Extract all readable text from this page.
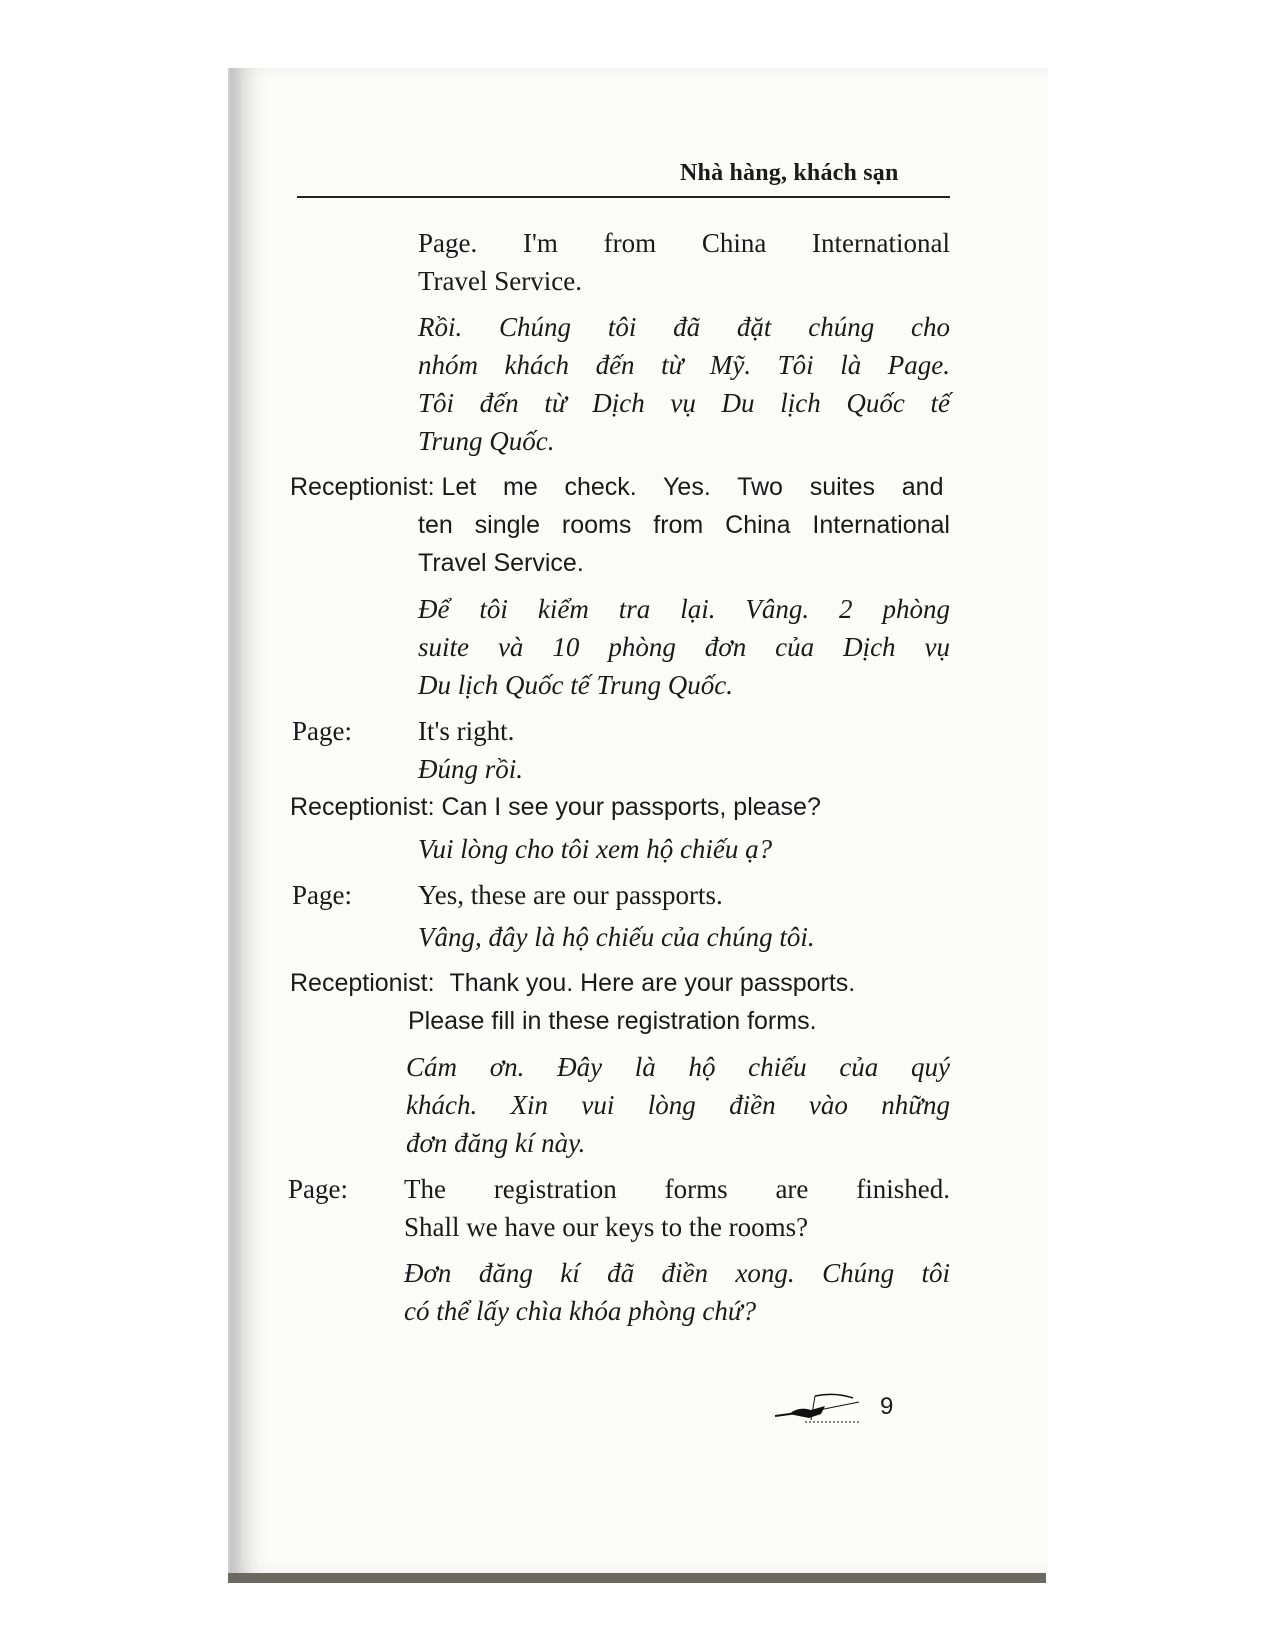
Nhà hàng, khách sạn
Page. I'm from China International
Travel Service.
Rồi. Chúng tôi đã đặt chúng cho
nhóm khách đến từ Mỹ. Tôi là Page.
Tôi đến từ Dịch vụ Du lịch Quốc tế
Trung Quốc.
Receptionist: Let me check. Yes. Two suites and
ten single rooms from China International
Travel Service.
Để tôi kiểm tra lại. Vâng. 2 phòng
suite và 10 phòng đơn của Dịch vụ
Du lịch Quốc tế Trung Quốc.
Page: It's right.
Đúng rồi.
Receptionist: Can I see your passports, please?
Vui lòng cho tôi xem hộ chiếu ạ?
Page: Yes, these are our passports.
Vâng, đây là hộ chiếu của chúng tôi.
Receptionist: Thank you. Here are your passports.
Please fill in these registration forms.
Cám ơn. Đây là hộ chiếu của quý
khách. Xin vui lòng điền vào những
đơn đăng kí này.
Page: The registration forms are finished.
Shall we have our keys to the rooms?
Đơn đăng kí đã điền xong. Chúng tôi
có thể lấy chìa khóa phòng chứ?
9
